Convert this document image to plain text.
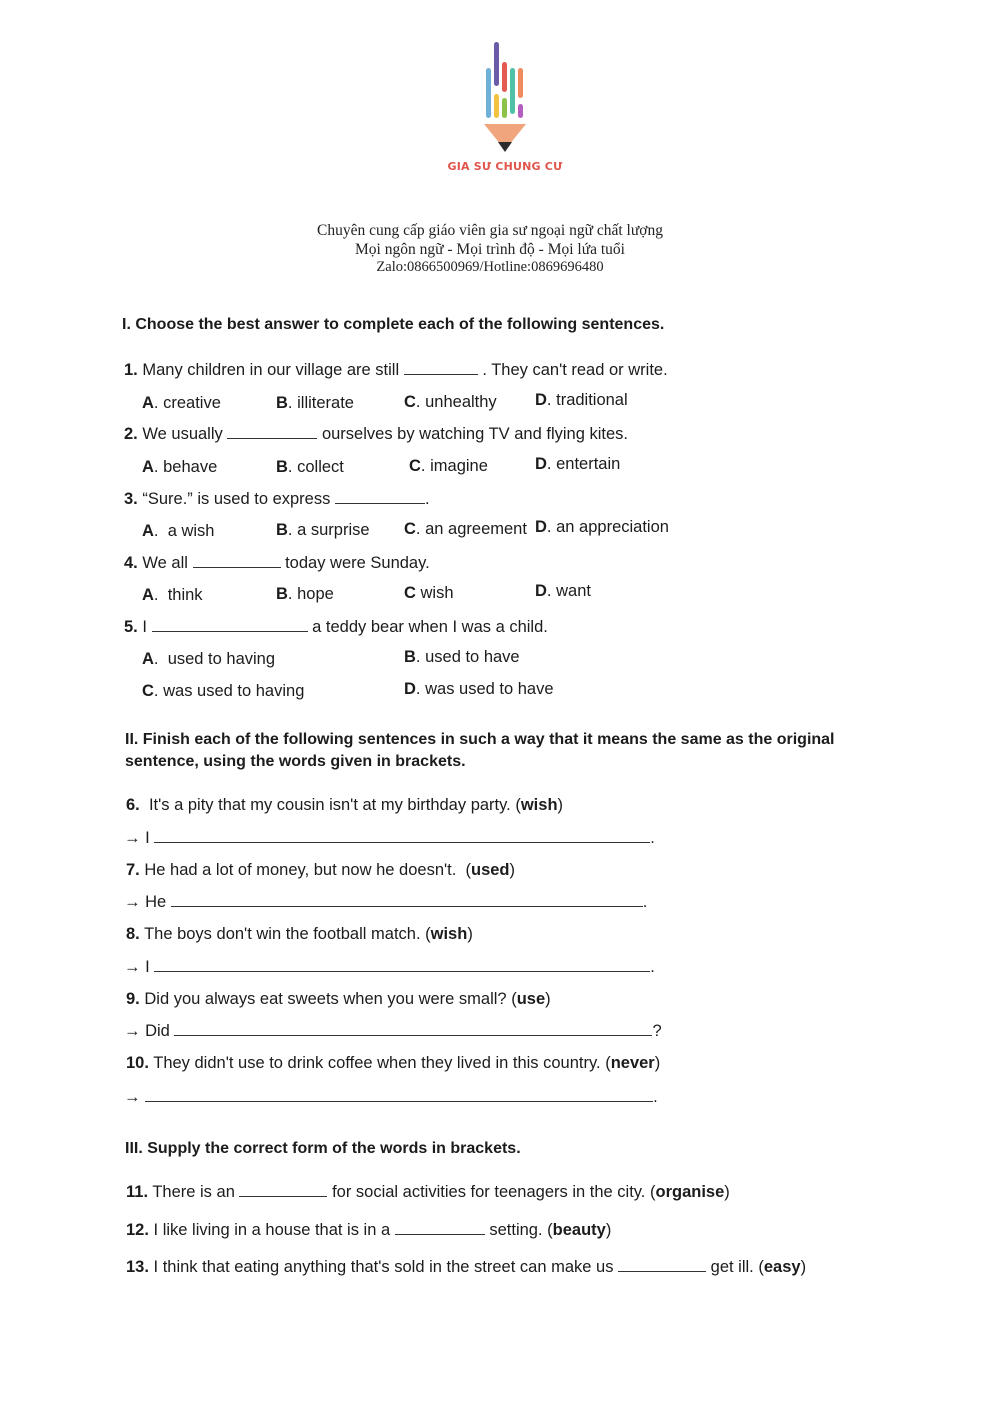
GIA SƯ CHUNG CƯ
Chuyên cung cấp giáo viên gia sư ngoại ngữ chất lượng
Mọi ngôn ngữ - Mọi trình độ - Mọi lứa tuổi
Zalo:0866500969/Hotline:0869696480
I. Choose the best answer to complete each of the following sentences.
1. Many children in our village are still	. They can't read or write.
A. creative	B. illiterate	C. unhealthy D. traditional
2. We usually	ourselves by watching TV and flying kites.
A. behave	B. collect	C. imagine	D. entertain
3. “Sure.” is used to express	.
A. a wish	B. a surprise C. an agreement D. an appreciation
4. We all	today were Sunday.
A. think	B. hope	C wish	D. want
5. I	a teddy bear when I was a child.
A. used to having	B. used to have
C. was used to having	D. was used to have
II. Finish each of the following sentences in such a way that it means the same as the original
sentence, using the words given in brackets.
6. It's a pity that my cousin isn't at my birthday party. (wish)
→ I	.
7. He had a lot of money, but now he doesn't. (used)
→ He	.
8. The boys don't win the football match. (wish)
→ I	.
9. Did you always eat sweets when you were small? (use)
→ Did	?
10. They didn't use to drink coffee when they lived in this country. (never)
→	.
III. Supply the correct form of the words in brackets.
11. There is an	for social activities for teenagers in the city. (organise)
12. I like living in a house that is in a	setting. (beauty)
13. I think that eating anything that's sold in the street can make us	get ill. (easy)
